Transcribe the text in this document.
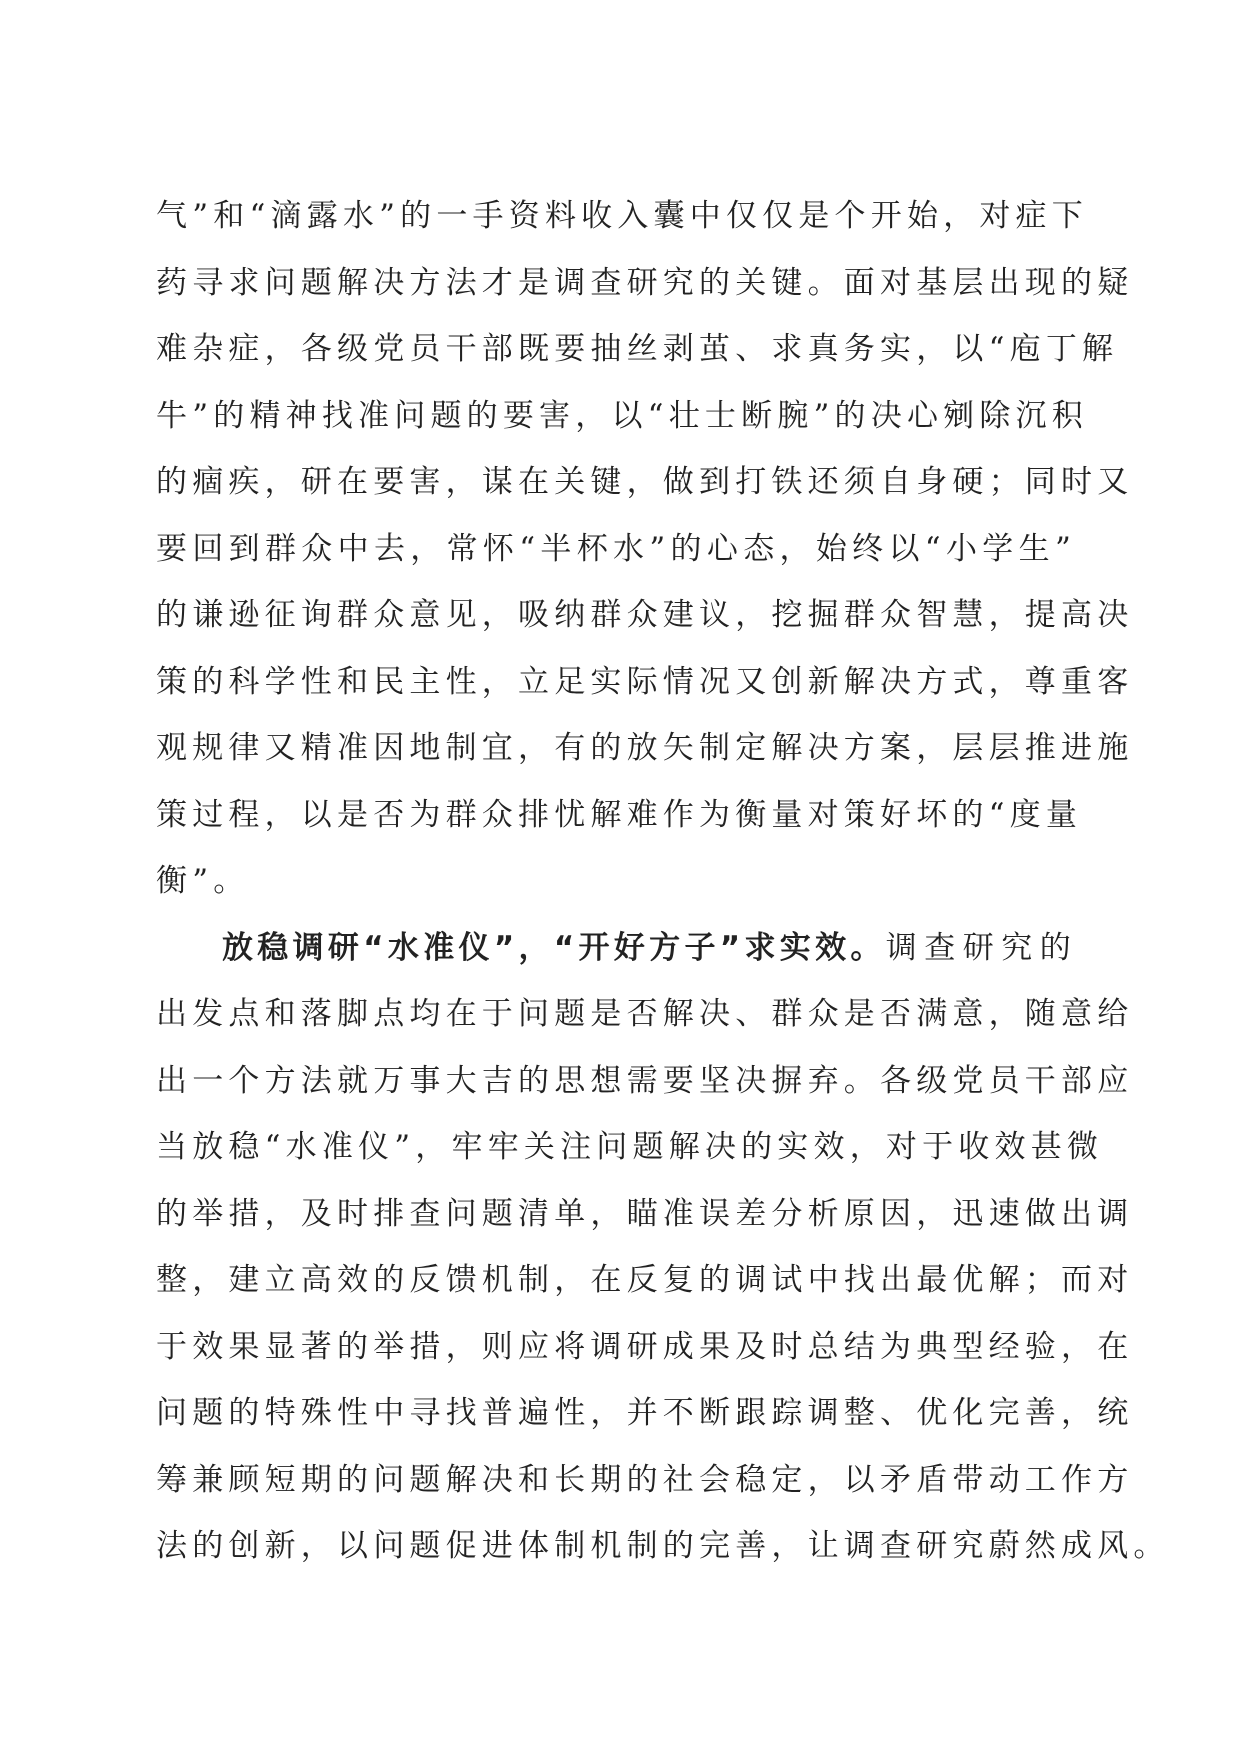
气”和“滴露水”的一手资料收入囊中仅仅是个开始，对症下
药寻求问题解决方法才是调查研究的关键。面对基层出现的疑
难杂症，各级党员干部既要抽丝剥茧、求真务实，以“庖丁解
牛”的精神找准问题的要害，以“壮士断腕”的决心剜除沉积
的痼疾，研在要害，谋在关键，做到打铁还须自身硬；同时又
要回到群众中去，常怀“半杯水”的心态，始终以“小学生”
的谦逊征询群众意见，吸纳群众建议，挖掘群众智慧，提高决
策的科学性和民主性，立足实际情况又创新解决方式，尊重客
观规律又精准因地制宜，有的放矢制定解决方案，层层推进施
策过程，以是否为群众排忧解难作为衡量对策好坏的“度量
衡”。
放稳调研“水准仪”，“开好方子”求实效。调查研究的
出发点和落脚点均在于问题是否解决、群众是否满意，随意给
出一个方法就万事大吉的思想需要坚决摒弃。各级党员干部应
当放稳“水准仪”，牢牢关注问题解决的实效，对于收效甚微
的举措，及时排查问题清单，瞄准误差分析原因，迅速做出调
整，建立高效的反馈机制，在反复的调试中找出最优解；而对
于效果显著的举措，则应将调研成果及时总结为典型经验，在
问题的特殊性中寻找普遍性，并不断跟踪调整、优化完善，统
筹兼顾短期的问题解决和长期的社会稳定，以矛盾带动工作方
法的创新，以问题促进体制机制的完善，让调查研究蔚然成风。
